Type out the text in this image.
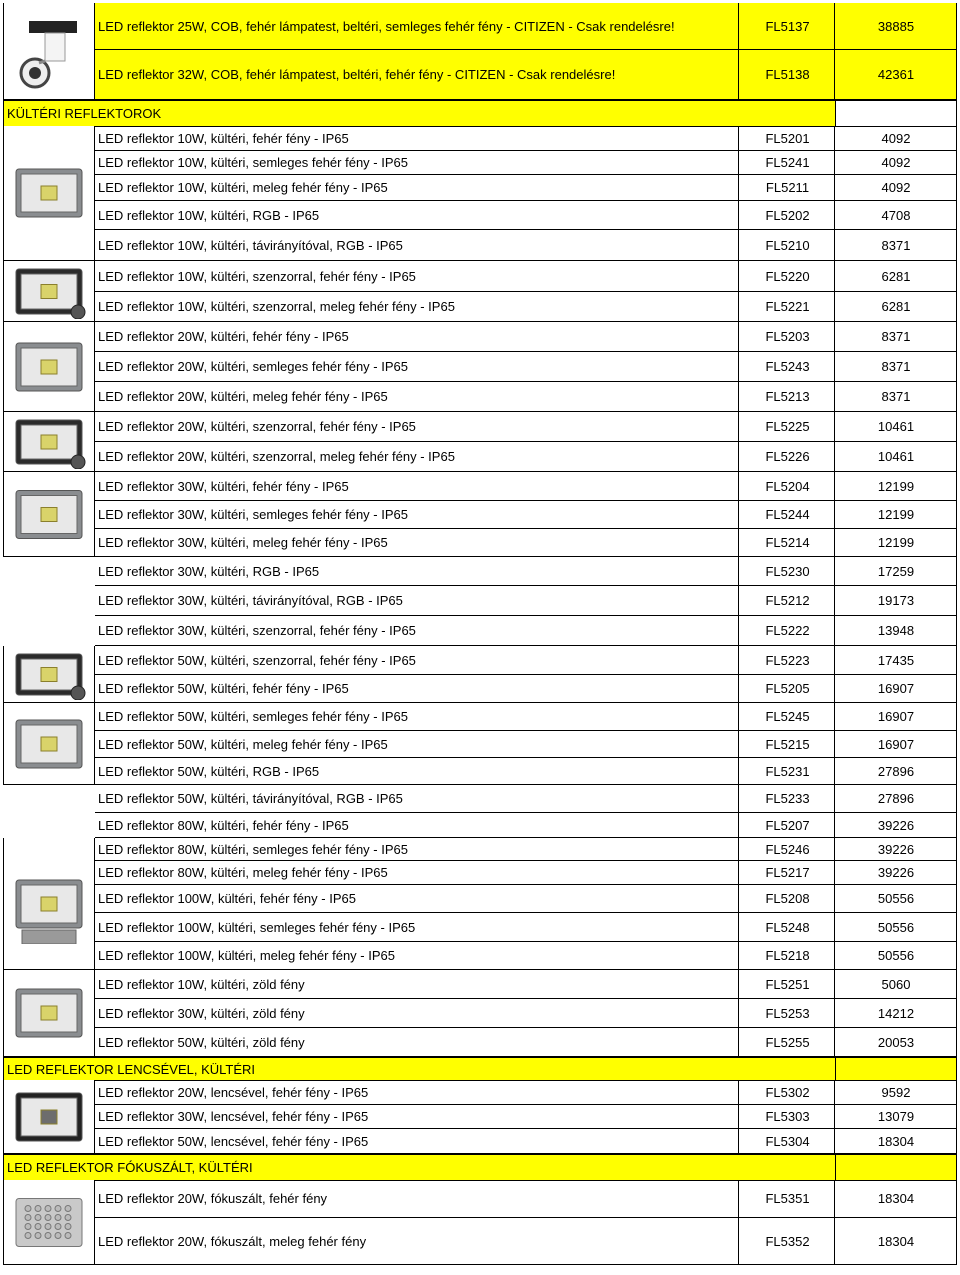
LED reflektor 25W, COB, fehér lámpatest, beltéri, semleges fehér fény - CITIZEN - Csak rendelésre!	FL5137	38885
LED reflektor 32W, COB, fehér lámpatest, beltéri, fehér fény - CITIZEN - Csak rendelésre!	FL5138	42361
LED reflektor 10W, kültéri, fehér fény - IP65	FL5201	4092
LED reflektor 10W, kültéri, semleges fehér fény - IP65	FL5241	4092
LED reflektor 10W, kültéri, meleg fehér fény - IP65	FL5211	4092
LED reflektor 10W, kültéri, RGB - IP65	FL5202	4708
LED reflektor 10W, kültéri, távirányítóval, RGB - IP65	FL5210	8371
LED reflektor 10W, kültéri, szenzorral, fehér fény - IP65	FL5220	6281
LED reflektor 10W, kültéri, szenzorral, meleg fehér fény - IP65	FL5221	6281
LED reflektor 20W, kültéri, fehér fény - IP65	FL5203	8371
LED reflektor 20W, kültéri, semleges fehér fény - IP65	FL5243	8371
LED reflektor 20W, kültéri, meleg fehér fény - IP65	FL5213	8371
LED reflektor 20W, kültéri, szenzorral, fehér fény - IP65	FL5225	10461
LED reflektor 20W, kültéri, szenzorral, meleg fehér fény - IP65	FL5226	10461
LED reflektor 30W, kültéri, fehér fény - IP65	FL5204	12199
LED reflektor 30W, kültéri, semleges fehér fény - IP65	FL5244	12199
LED reflektor 30W, kültéri, meleg fehér fény - IP65	FL5214	12199
LED reflektor 30W, kültéri, RGB - IP65	FL5230	17259
LED reflektor 30W, kültéri, távirányítóval, RGB - IP65	FL5212	19173
LED reflektor 30W, kültéri, szenzorral, fehér fény - IP65	FL5222	13948
LED reflektor 50W, kültéri, szenzorral, fehér fény - IP65	FL5223	17435
LED reflektor 50W, kültéri, fehér fény - IP65	FL5205	16907
LED reflektor 50W, kültéri, semleges fehér fény - IP65	FL5245	16907
LED reflektor 50W, kültéri, meleg fehér fény - IP65	FL5215	16907
LED reflektor 50W, kültéri, RGB - IP65	FL5231	27896
LED reflektor 50W, kültéri, távirányítóval, RGB - IP65	FL5233	27896
LED reflektor 80W, kültéri, fehér fény - IP65	FL5207	39226
LED reflektor 80W, kültéri, semleges fehér fény - IP65	FL5246	39226
LED reflektor 80W, kültéri, meleg fehér fény - IP65	FL5217	39226
LED reflektor 100W, kültéri, fehér fény - IP65	FL5208	50556
LED reflektor 100W, kültéri, semleges fehér fény - IP65	FL5248	50556
LED reflektor 100W, kültéri, meleg fehér fény - IP65	FL5218	50556
LED reflektor 10W, kültéri, zöld fény	FL5251	5060
LED reflektor 30W, kültéri, zöld fény	FL5253	14212
LED reflektor 50W, kültéri, zöld fény	FL5255	20053
LED reflektor 20W, lencsével, fehér fény - IP65	FL5302	9592
LED reflektor 30W, lencsével, fehér fény - IP65	FL5303	13079
LED reflektor 50W, lencsével, fehér fény - IP65	FL5304	18304
LED reflektor 20W, fókuszált, fehér fény	FL5351	18304
LED reflektor 20W, fókuszált, meleg fehér fény	FL5352	18304
KÜLTÉRI REFLEKTOROK
LED REFLEKTOR LENCSÉVEL, KÜLTÉRI
LED REFLEKTOR FÓKUSZÁLT, KÜLTÉRI
